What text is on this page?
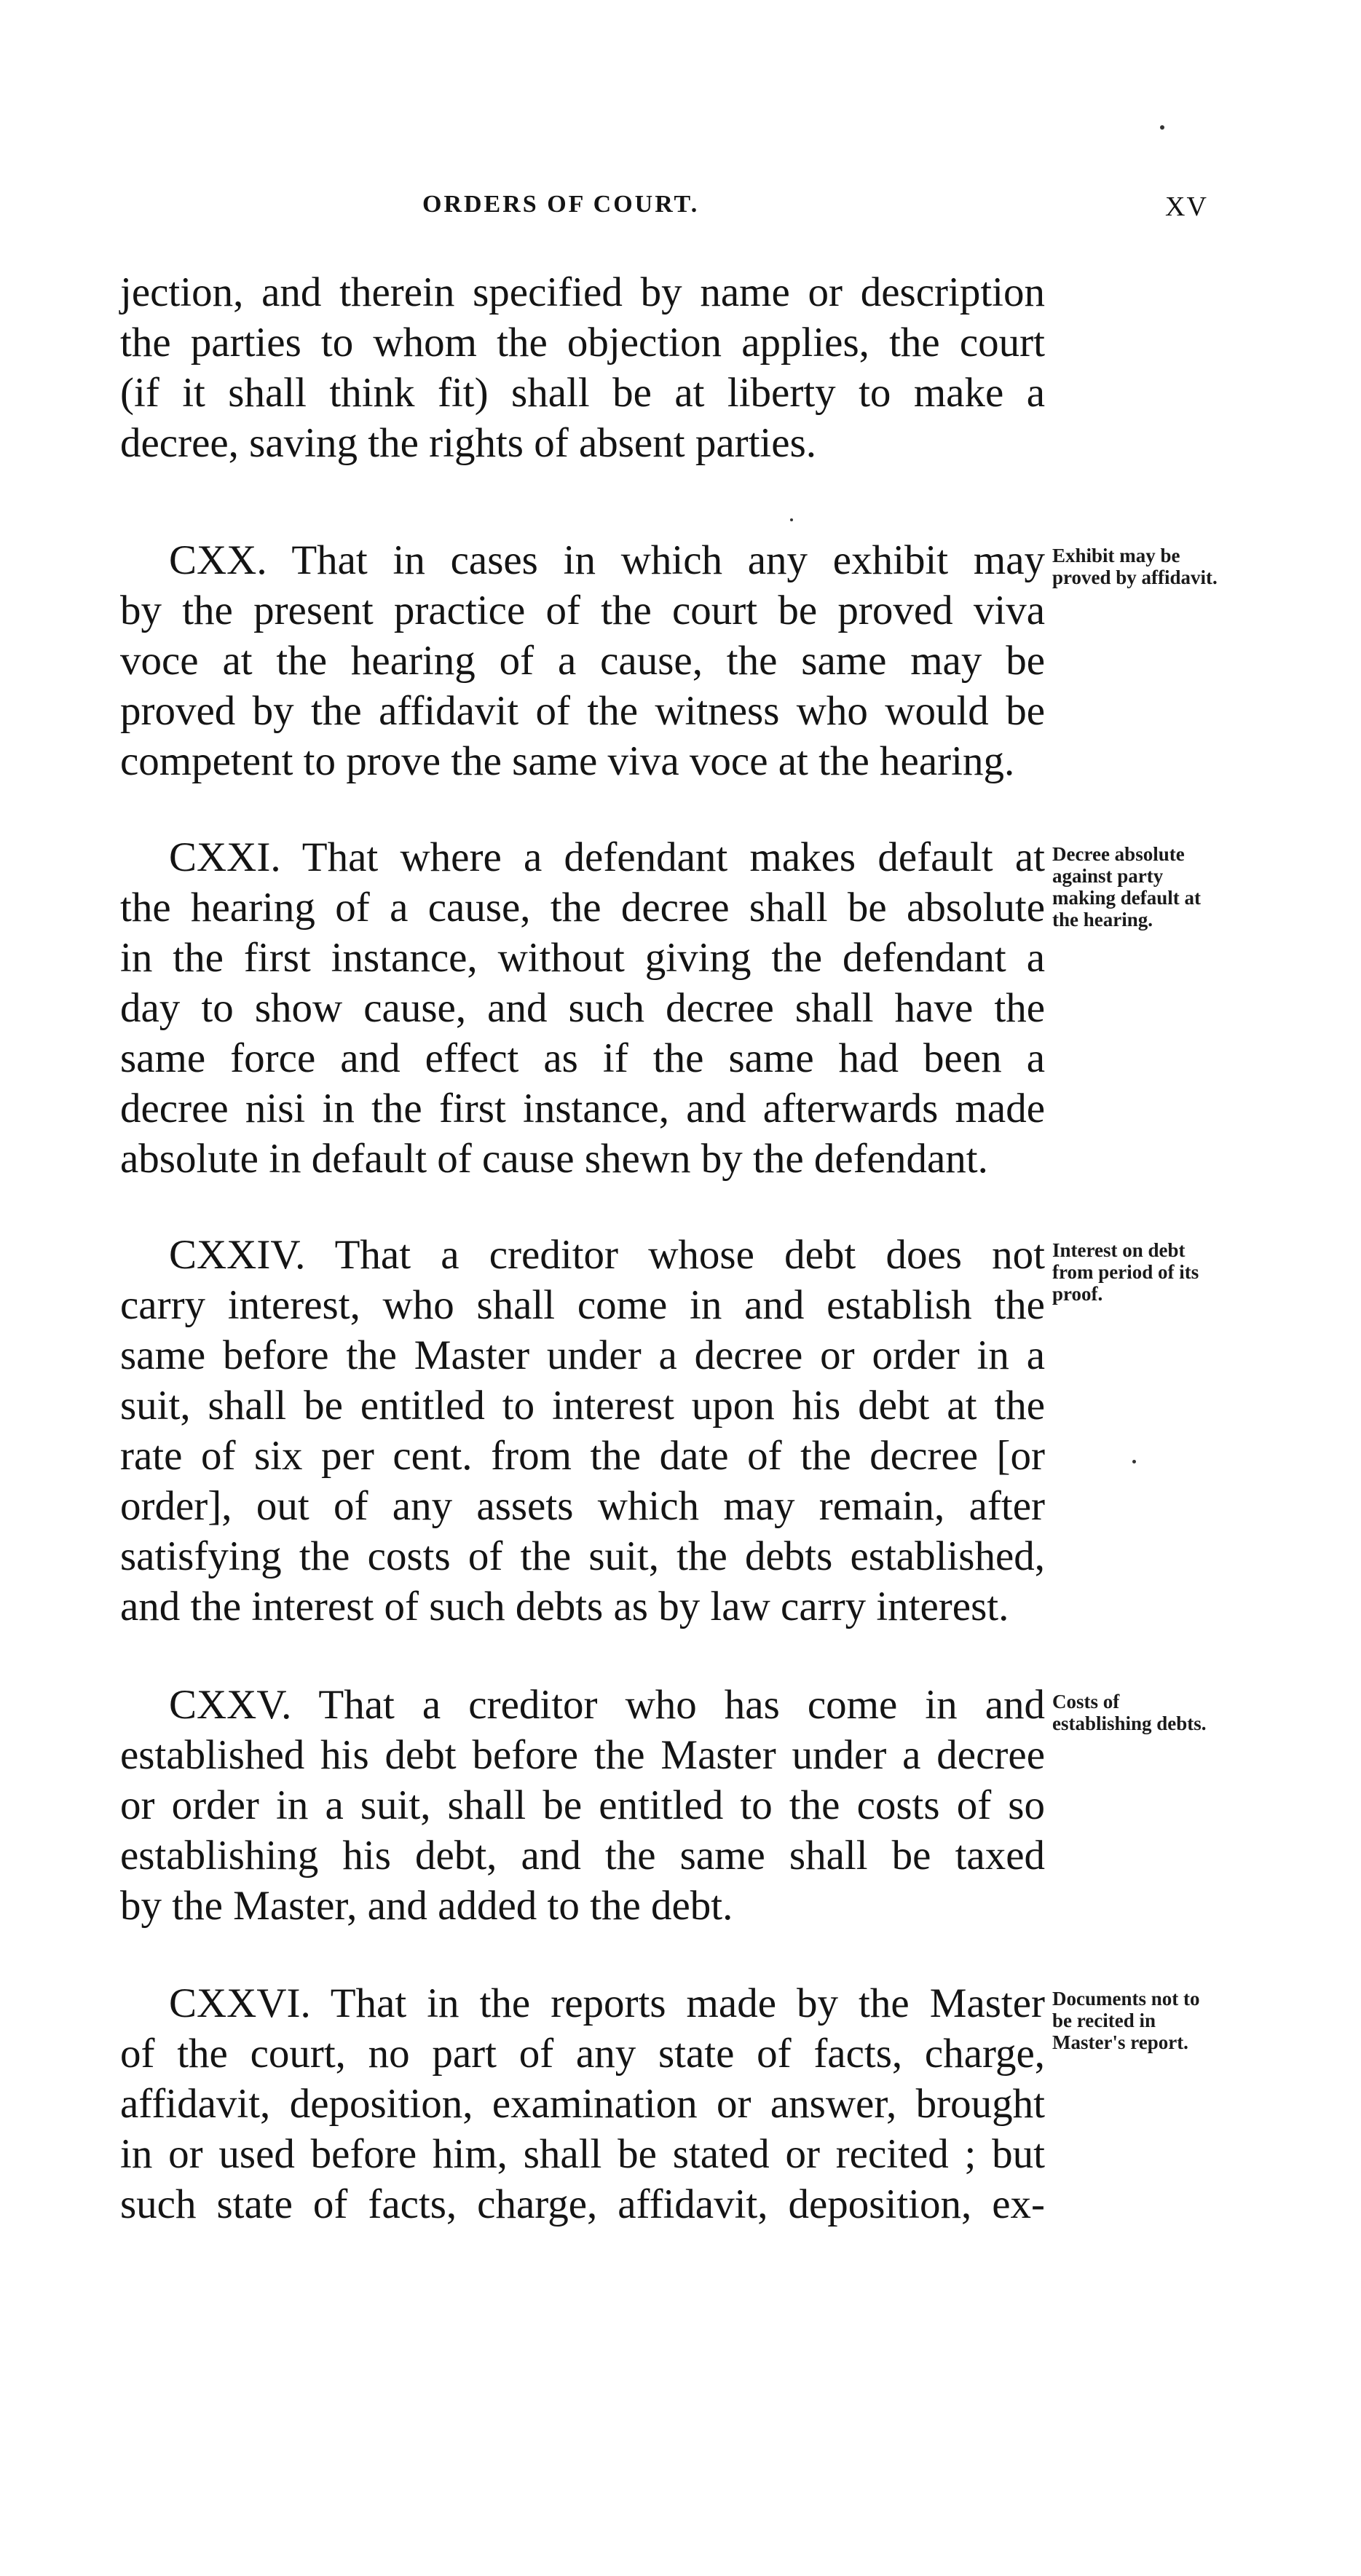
ORDERS OF COURT.	XV
jection, and therein specified by name or description
the parties to whom the objection applies, the court
(if it shall think fit) shall be at liberty to make a
decree, saving the rights of absent parties.
CXX. That in cases in which any exhibit may
by the present practice of the court be proved viva
voce at the hearing of a cause, the same may be
proved by the affidavit of the witness who would be
competent to prove the same viva voce at the hearing.
Exhibit may be proved by affidavit.
CXXI. That where a defendant makes default at
the hearing of a cause, the decree shall be absolute
in the first instance, without giving the defendant a
day to show cause, and such decree shall have the
same force and effect as if the same had been a
decree nisi in the first instance, and afterwards made
absolute in default of cause shewn by the defendant.
Decree absolute against party making default at the hearing.
CXXIV. That a creditor whose debt does not
carry interest, who shall come in and establish the
same before the Master under a decree or order in a
suit, shall be entitled to interest upon his debt at the
rate of six per cent. from the date of the decree [or
order], out of any assets which may remain, after
satisfying the costs of the suit, the debts established,
and the interest of such debts as by law carry interest.
Interest on debt from period of its proof.
CXXV. That a creditor who has come in and
established his debt before the Master under a decree
or order in a suit, shall be entitled to the costs of so
establishing his debt, and the same shall be taxed
by the Master, and added to the debt.
Costs of establishing debts.
CXXVI. That in the reports made by the Master
of the court, no part of any state of facts, charge,
affidavit, deposition, examination or answer, brought
in or used before him, shall be stated or recited ; but
such state of facts, charge, affidavit, deposition, ex-
Documents not to be recited in Master's report.
